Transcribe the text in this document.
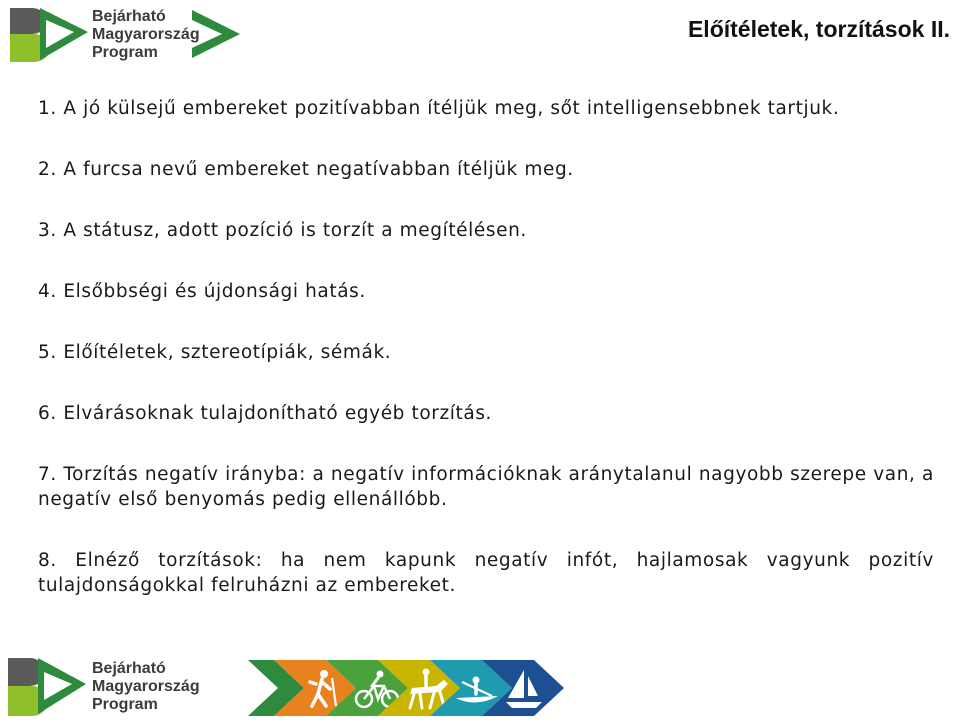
Bejárható
Magyarország
Program
Előítéletek, torzítások II.

1. A jó külsejű embereket pozitívabban ítéljük meg, sőt intelligensebbnek tartjuk.

2. A furcsa nevű embereket negatívabban ítéljük meg.

3. A státusz, adott pozíció is torzít a megítélésen.

4. Elsőbbségi és újdonsági hatás.

5. Előítéletek, sztereotípiák, sémák.

6. Elvárásoknak tulajdonítható egyéb torzítás.

7. Torzítás negatív irányba: a negatív információknak aránytalanul nagyobb szerepe van, a negatív első benyomás pedig ellenállóbb.

8. Elnéző torzítások: ha nem kapunk negatív infót, hajlamosak vagyunk pozitív tulajdonságokkal felruházni az embereket.

Bejárható
Magyarország
Program
